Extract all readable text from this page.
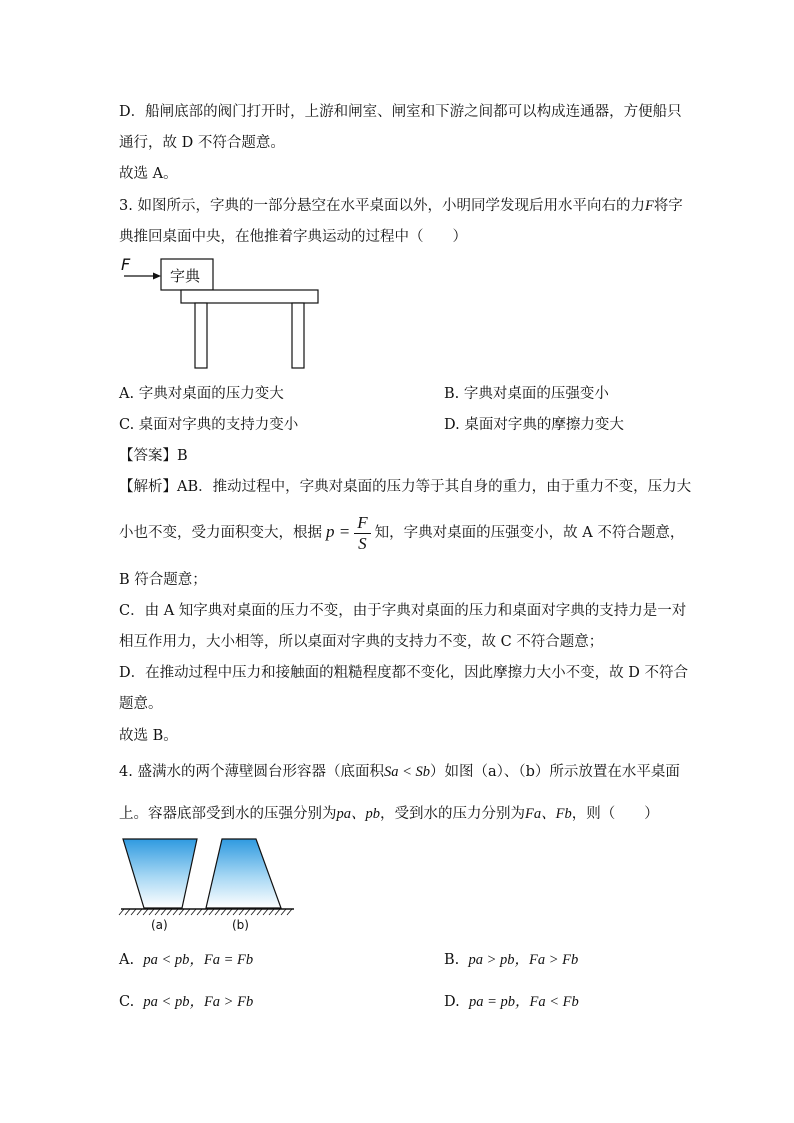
D．船闸底部的阀门打开时，上游和闸室、闸室和下游之间都可以构成连通器，方便船只
通行，故 D 不符合题意。
故选 A。
3. 如图所示，字典的一部分悬空在水平桌面以外，小明同学发现后用水平向右的力F将字
典推回桌面中央，在他推着字典运动的过程中（　　）
F
字典
A. 字典对桌面的压力变大	B. 字典对桌面的压强变小
C. 桌面对字典的支持力变小	D. 桌面对字典的摩擦力变大
【答案】B
【解析】AB．推动过程中，字典对桌面的压力等于其自身的重力，由于重力不变，压力大
小也不变，受力面积变大，根据 $p = \frac{F}{S}$ 知，字典对桌面的压强变小，故 A 不符合题意，
B 符合题意；
C．由 A 知字典对桌面的压力不变，由于字典对桌面的压力和桌面对字典的支持力是一对
相互作用力，大小相等，所以桌面对字典的支持力不变，故 C 不符合题意；
D．在推动过程中压力和接触面的粗糙程度都不变化，因此摩擦力大小不变，故 D 不符合
题意。
故选 B。
4. 盛满水的两个薄壁圆台形容器（底面积Sa < Sb）如图（a）、（b）所示放置在水平桌面
上。容器底部受到水的压强分别为pa、pb，受到水的压力分别为Fa、Fb，则（　　）
(a)	(b)
A. pa < pb，Fa = Fb	B. pa > pb，Fa > Fb
C. pa < pb，Fa > Fb	D. pa = pb，Fa < Fb
